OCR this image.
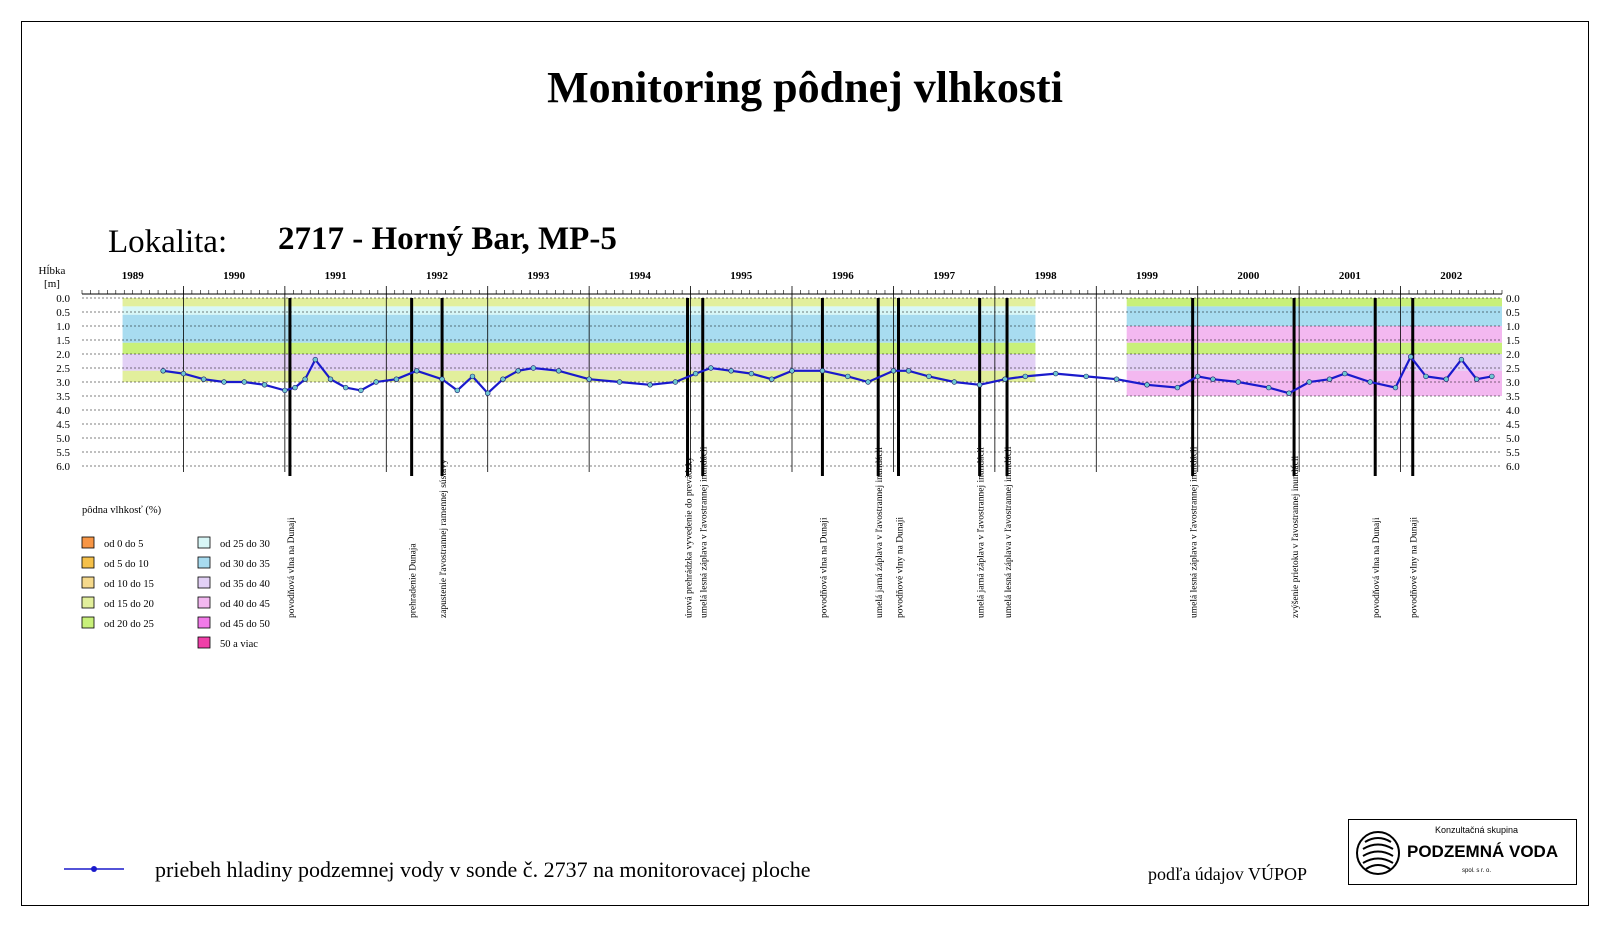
Monitoring pôdnej vlhkosti
Lokalita: 2717 - Horný Bar, MP-5
0.0	0.0
0.5	0.5
1.0	1.0
1.5	1.5
2.0	2.0
2.5	2.5
3.0	3.0
3.5	3.5
4.0	4.0
4.5	4.5
5.0	5.0
5.5	5.5
6.0	6.0
1989	1990	1991	1992	1993	1994	1995	1996	1997	1998	1999	2000	2001	2002
Hĺbka
[m]
povodňová vlna na Dunaji	prehradenie Dunaja zapustenie ľavostrannej ramennej sústavy	úrová prehrádzka vyvedenie do prevádzky umelá lesná záplava v ľavostrannej inundácii	povodňová vlna na Dunaji	umelá jarná záplava v ľavostrannej inundácii povodňové vlny na Dunaji	umelá jarná záplava v ľavostrannej inundácii umelá lesná záplava v ľavostrannej inundácii	umelá lesná záplava v ľavostrannej inundácii	zvýšenie prietoku v ľavostrannej inundácii	povodňová vlna na Dunaji	povodňové vlny na Dunaji
pôdna vlhkosť (%)
od 0 do 5
od 5 do 10
od 10 do 15
od 15 do 20
od 20 do 25
od 25 do 30
od 30 do 35
od 35 do 40
od 40 do 45
od 45 do 50
50 a viac
priebeh hladiny podzemnej vody v sonde č. 2737 na monitorovacej ploche	podľa údajov VÚPOP
Konzultačná skupina
PODZEMNÁ VODA
spol. s r. o.
